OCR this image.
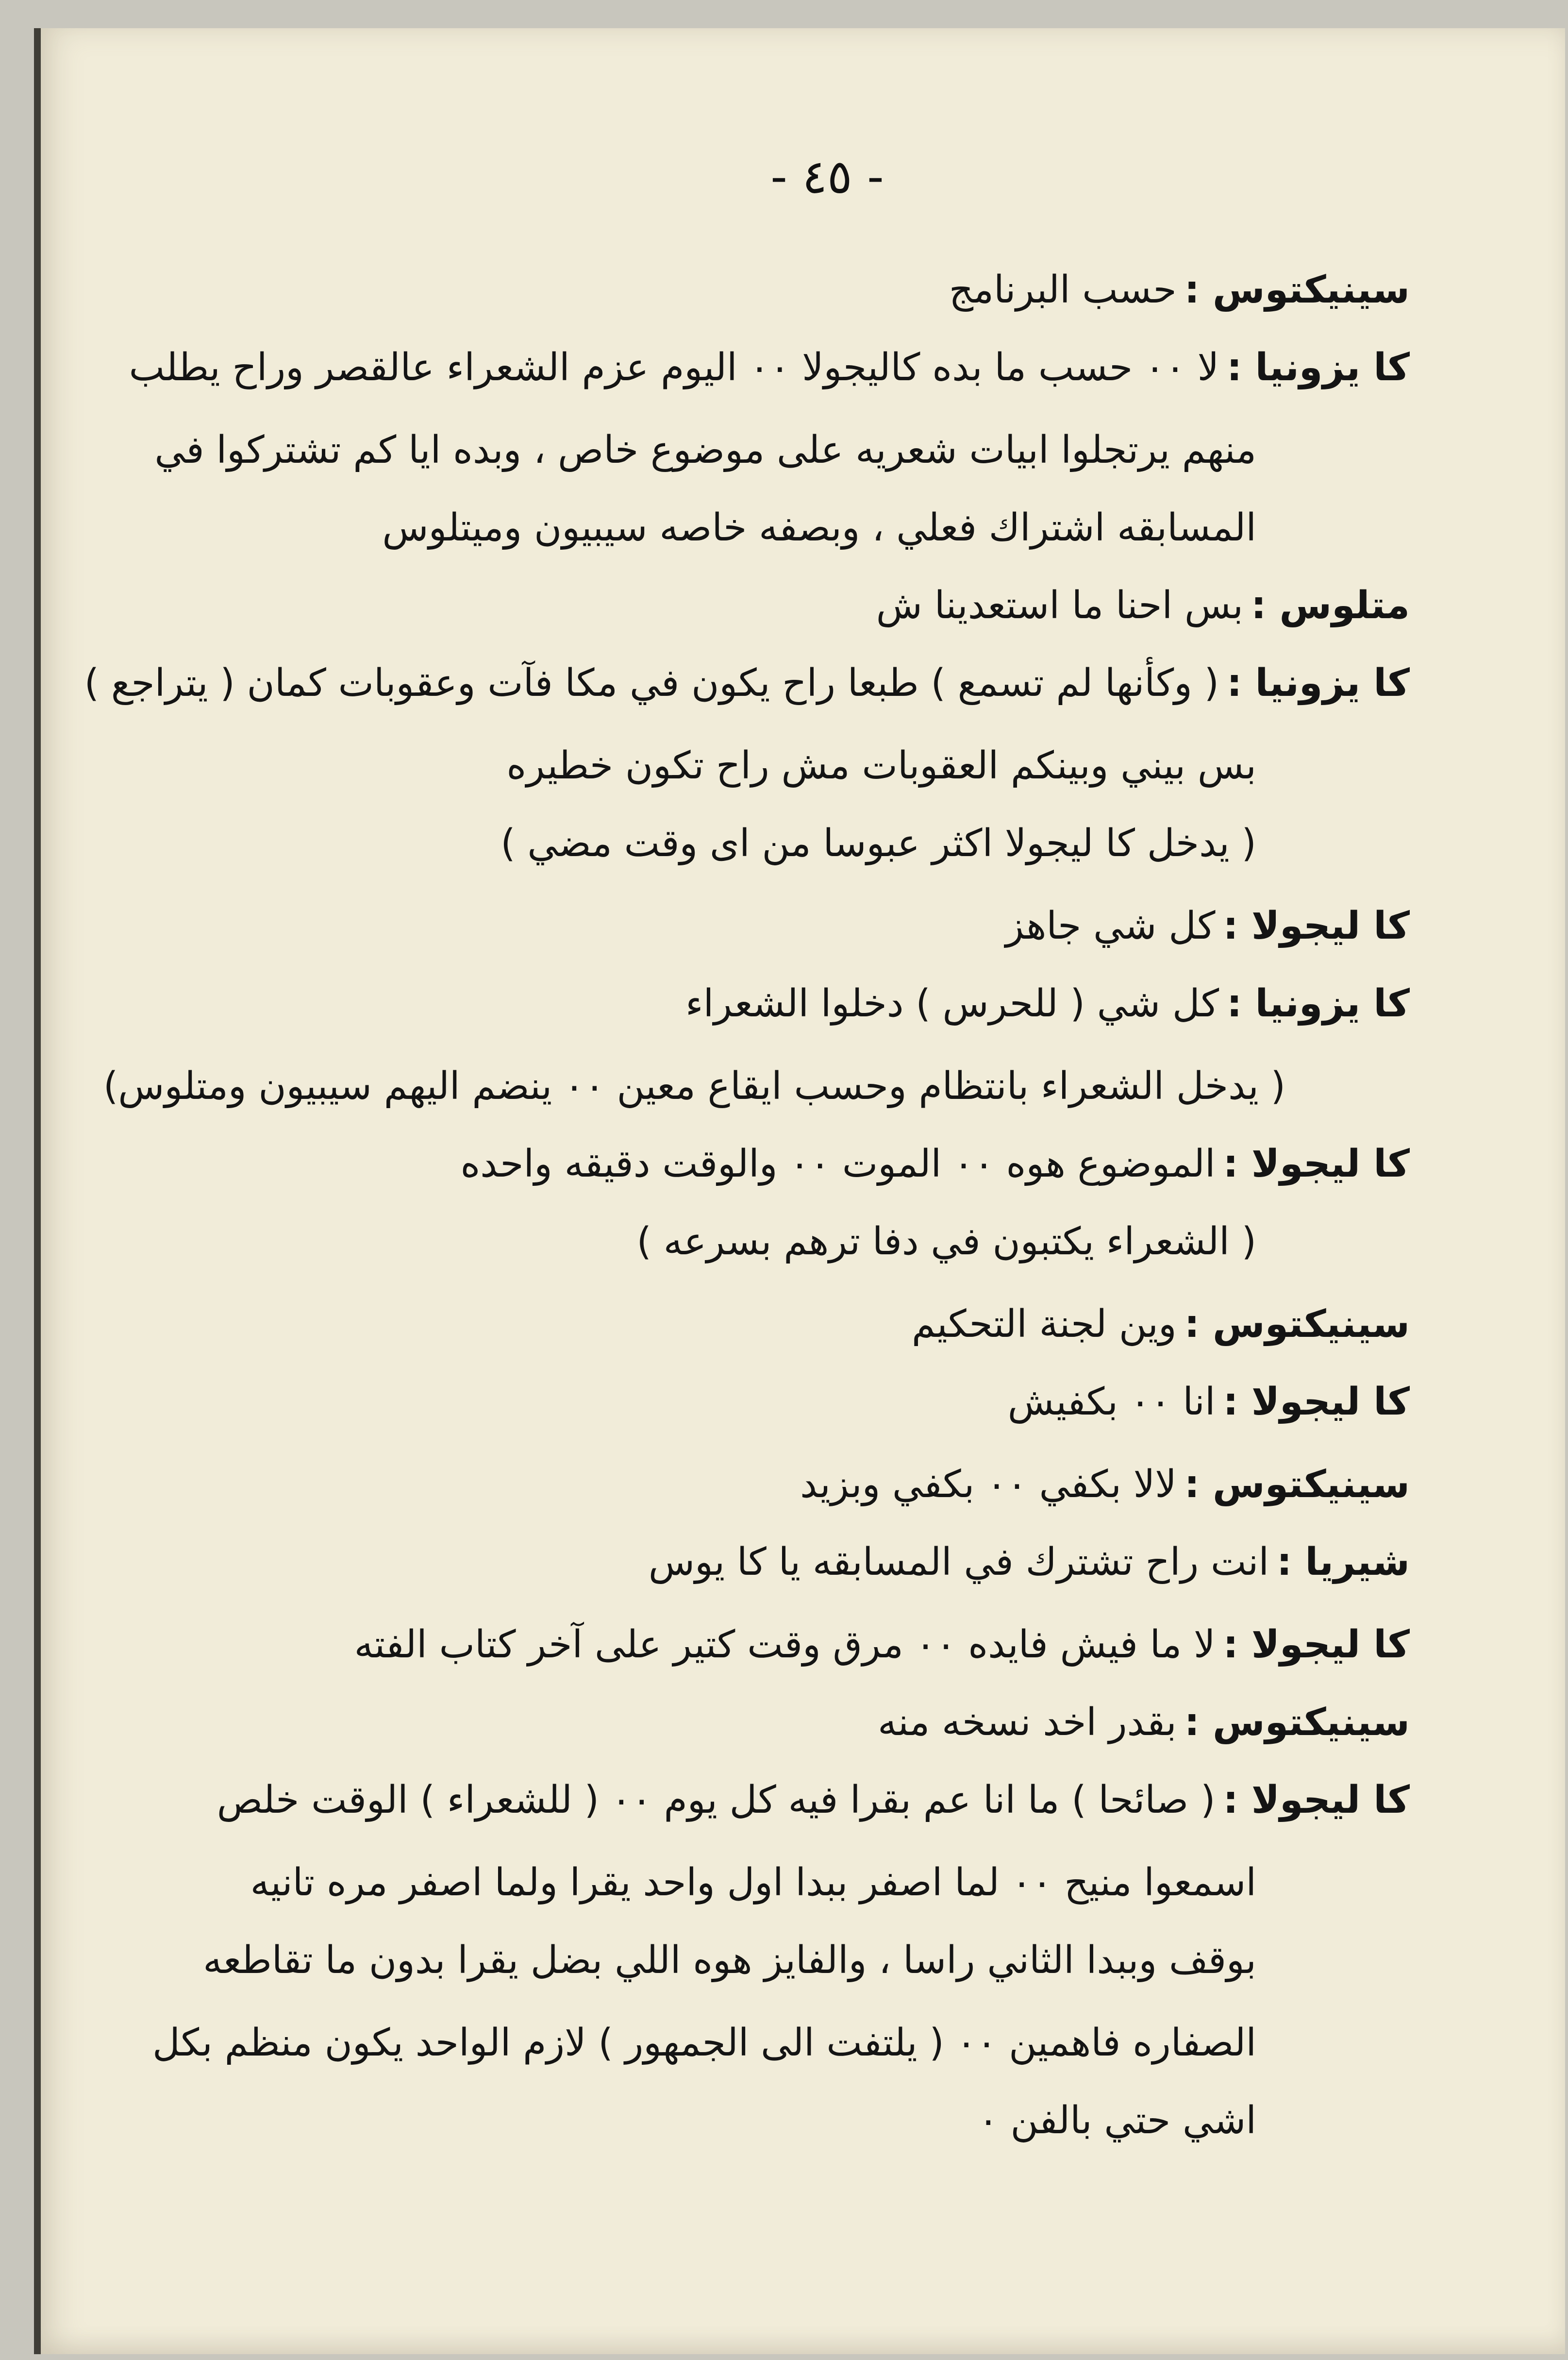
- ٤٥ -
سينيكتوس :حسب البرنامج
كا يزونيا :لا ٠٠ حسب ما بده كاليجولا ٠٠ اليوم عزم الشعراء عالقصر وراح يطلب
منهم يرتجلوا ابيات شعريه على موضوع خاص ، وبده ايا كم تشتركوا في
المسابقه اشتراك فعلي ، وبصفه خاصه سيبيون وميتلوس
متلوس :بس احنا ما استعدينا ش
كا يزونيا :( وكأنها لم تسمع ) طبعا راح يكون في مكا فآت وعقوبات كمان ( يتراجع )
بس بيني وبينكم العقوبات مش راح تكون خطيره
( يدخل كا ليجولا اكثر عبوسا من اى وقت مضي )
كا ليجولا :كل شي جاهز
كا يزونيا :كل شي ( للحرس ) دخلوا الشعراء
( يدخل الشعراء بانتظام وحسب ايقاع معين ٠٠ ينضم اليهم سيبيون ومتلوس)
كا ليجولا :الموضوع هوه ٠٠ الموت ٠٠ والوقت دقيقه واحده
( الشعراء يكتبون في دفا ترهم بسرعه )
سينيكتوس :وين لجنة التحكيم
كا ليجولا :انا ٠٠ بكفيش
سينيكتوس :لالا بكفي ٠٠ بكفي وبزيد
شيريا :انت راح تشترك في المسابقه يا كا يوس
كا ليجولا :لا ما فيش فايده ٠٠ مرق وقت كتير على آخر كتاب الفته
سينيكتوس :بقدر اخد نسخه منه
كا ليجولا :( صائحا ) ما انا عم بقرا فيه كل يوم ٠٠ ( للشعراء ) الوقت خلص
اسمعوا منيح ٠٠ لما اصفر ببدا اول واحد يقرا ولما اصفر مره تانيه
بوقف وببدا الثاني راسا ، والفايز هوه اللي بضل يقرا بدون ما تقاطعه
الصفاره فاهمين ٠٠ ( يلتفت الى الجمهور ) لازم الواحد يكون منظم بكل
اشي حتي بالفن ٠
